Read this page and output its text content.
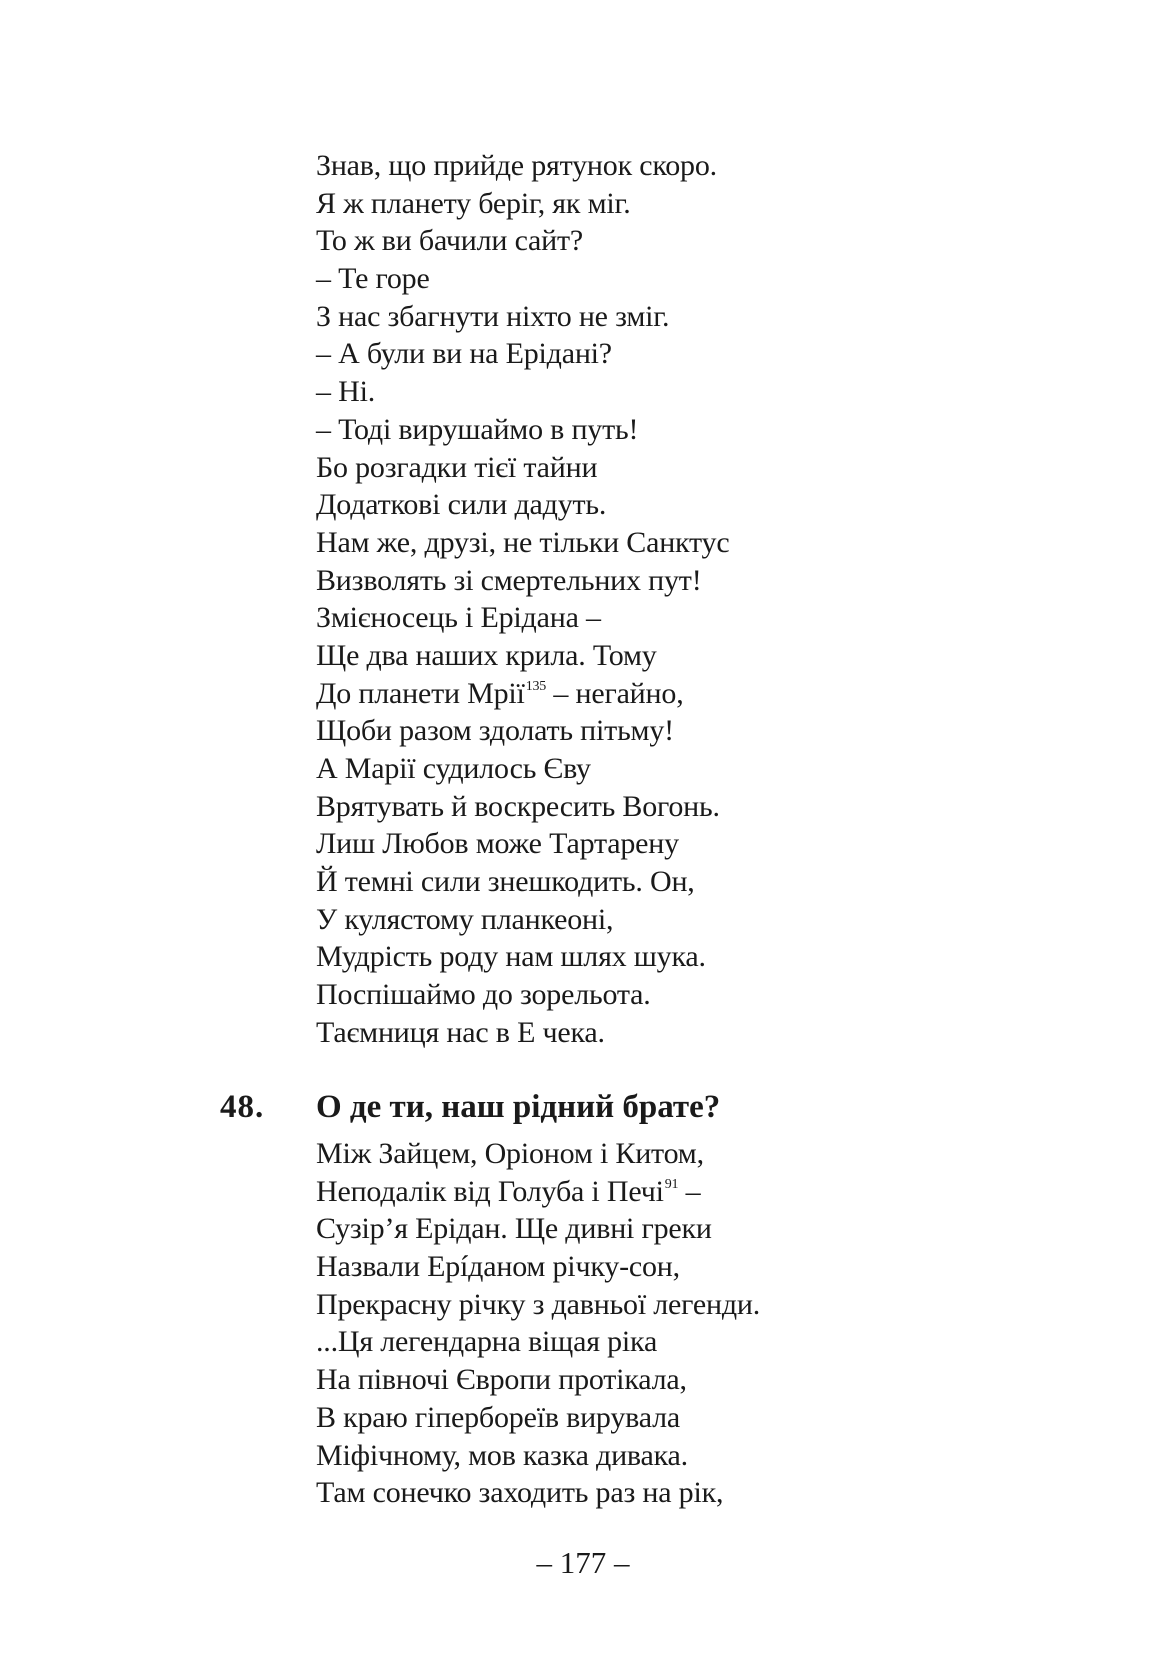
Знав, що прийде рятунок скоро.
Я ж планету беріг, як міг.
То ж ви бачили сайт?
– Те горе
З нас збагнути ніхто не зміг.
– А були ви на Ерідані?
– Ні.
– Тоді вирушаймо в путь!
Бо розгадки тієї тайни
Додаткові сили дадуть.
Нам же, друзі, не тільки Санктус
Визволять зі смертельних пут!
Змієносець і Ерідана –
Ще два наших крила. Тому
До планети Мрії$^{135}$ – негайно,
Щоби разом здолать пітьму!
А Марії судилось Єву
Врятувать й воскресить Вогонь.
Лиш Любов може Тартарену
Й темні сили знешкодить. Он,
У кулястому планкеоні,
Мудрість роду нам шлях шука.
Поспішаймо до зорельота.
Таємниця нас в Е чека.
48. О де ти, наш рідний брате?
Між Зайцем, Оріоном і Китом,
Неподалік від Голуба і Печі$^{91}$ –
Сузір’я Ерідан. Ще дивні греки
Назвали Ерíданом річку-сон,
Прекрасну річку з давньої легенди.
...Ця легендарна віщая ріка
На півночі Європи протікала,
В краю гіпербореїв вирувала
Міфічному, мов казка дивака.
Там сонечко заходить раз на рік,
– 177 –
